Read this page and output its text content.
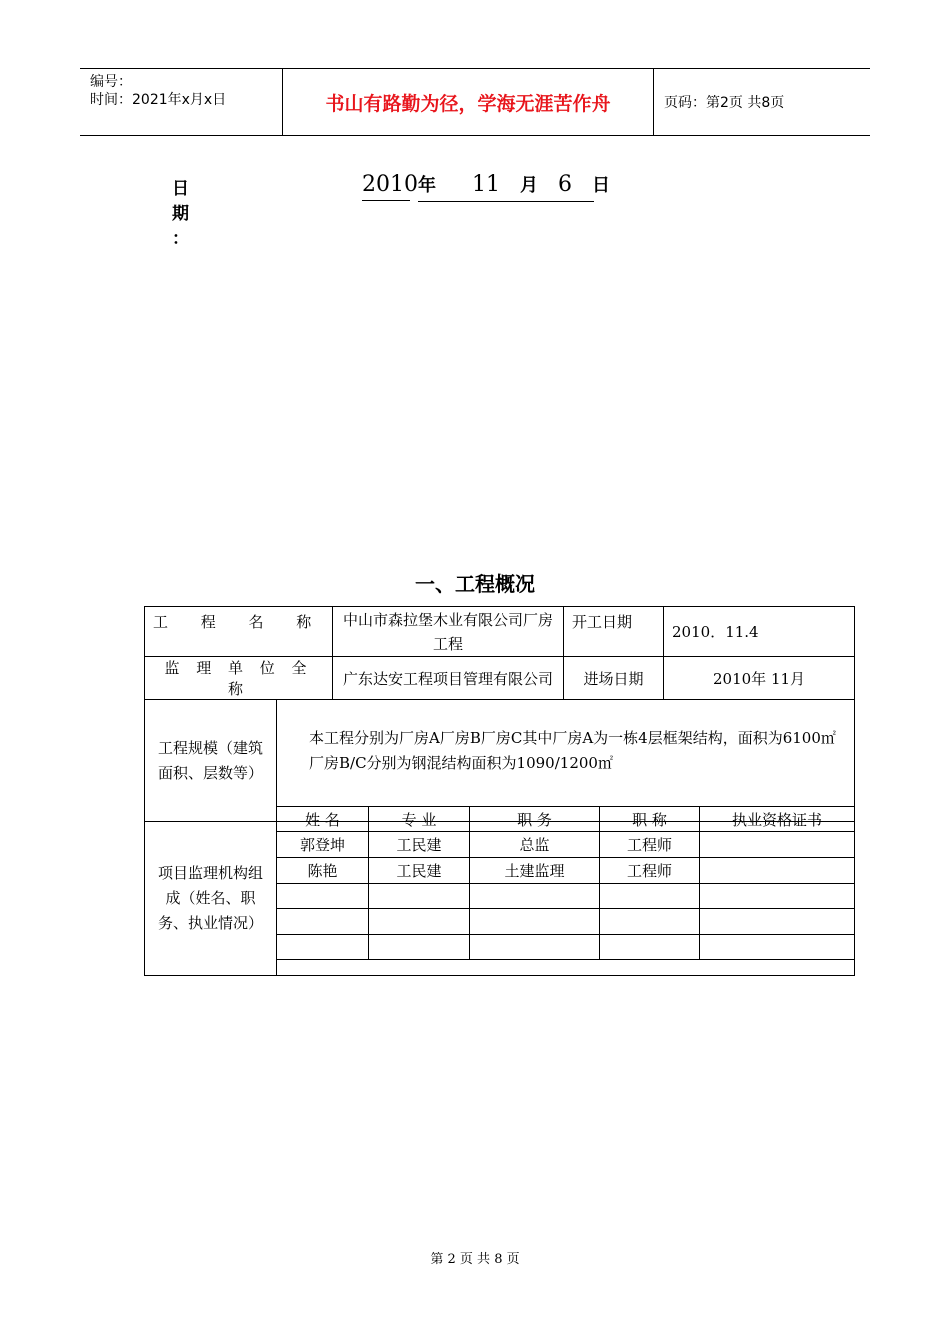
编号：
时间：2021年x月x日	书山有路勤为径，学海无涯苦作舟	页码：第2页 共8页
日期：
2010 年 11 月 6 日
一、工程概况
工 程 名 称		中山市森拉堡木业有限公司厂房工程	开工日期	2010．11.4
监 理 单 位 全 称		广东达安工程项目管理有限公司	进场日期	2010年 11月
工程规模（建筑面积、层数等）	本工程分别为厂房A厂房B厂房C其中厂房A为一栋4层框架结构，面积为6100㎡厂房B/C分别为钢混结构面积为1090/1200㎡			
项目监理机构组成（姓名、职务、执业情况）				
姓 名	专 业	职 务	职 称	执业资格证书
郭登坤	工民建	总监	工程师	
陈艳	工民建	土建监理	工程师	

第 2 页 共 8 页
